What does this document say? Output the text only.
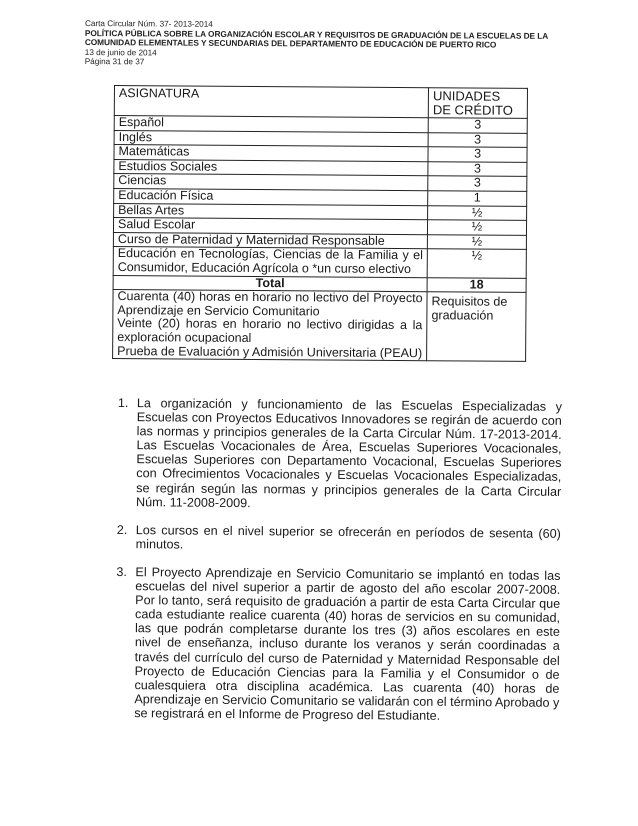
Carta Circular Núm. 37- 2013-2014
POLÍTICA PÚBLICA SOBRE LA ORGANIZACIÓN ESCOLAR Y REQUISITOS DE GRADUACIÓN DE LA ESCUELAS DE LA
COMUNIDAD ELEMENTALES Y SECUNDARIAS DEL DEPARTAMENTO DE EDUCACIÓN DE PUERTO RICO
13 de junio de 2014
Página 31 de 37
ASIGNATURA	UNIDADES
DE CRÉDITO

Español	3
Inglés	3
Matemáticas	3
Estudios Sociales	3
Ciencias	3
Educación Física	1
Bellas Artes	½
Salud Escolar	½
Curso de Paternidad y Maternidad Responsable	½
Educación en Tecnologías, Ciencias de la Familia y el Consumidor, Educación Agrícola o *un curso electivo	½
Total	18

Cuarenta (40) horas en horario no lectivo del Proyecto Aprendizaje en Servicio Comunitario
Veinte (20) horas en horario no lectivo dirigidas a la exploración ocupacional
Prueba de Evaluación y Admisión Universitaria (PEAU)	Requisitos de graduación
1. La organización y funcionamiento de las Escuelas Especializadas y Escuelas con Proyectos Educativos Innovadores se regirán de acuerdo con las normas y principios generales de la Carta Circular Núm. 17-2013-2014. Las Escuelas Vocacionales de Área, Escuelas Superiores Vocacionales, Escuelas Superiores con Departamento Vocacional, Escuelas Superiores con Ofrecimientos Vocacionales y Escuelas Vocacionales Especializadas, se regirán según las normas y principios generales de la Carta Circular Núm. 11-2008-2009.
2. Los cursos en el nivel superior se ofrecerán en períodos de sesenta (60) minutos.
3. El Proyecto Aprendizaje en Servicio Comunitario se implantó en todas las escuelas del nivel superior a partir de agosto del año escolar 2007-2008. Por lo tanto, será requisito de graduación a partir de esta Carta Circular que cada estudiante realice cuarenta (40) horas de servicios en su comunidad, las que podrán completarse durante los tres (3) años escolares en este nivel de enseñanza, incluso durante los veranos y serán coordinadas a través del currículo del curso de Paternidad y Maternidad Responsable del Proyecto de Educación Ciencias para la Familia y el Consumidor o de cualesquiera otra disciplina académica. Las cuarenta (40) horas de Aprendizaje en Servicio Comunitario se validarán con el término Aprobado y se registrará en el Informe de Progreso del Estudiante.
